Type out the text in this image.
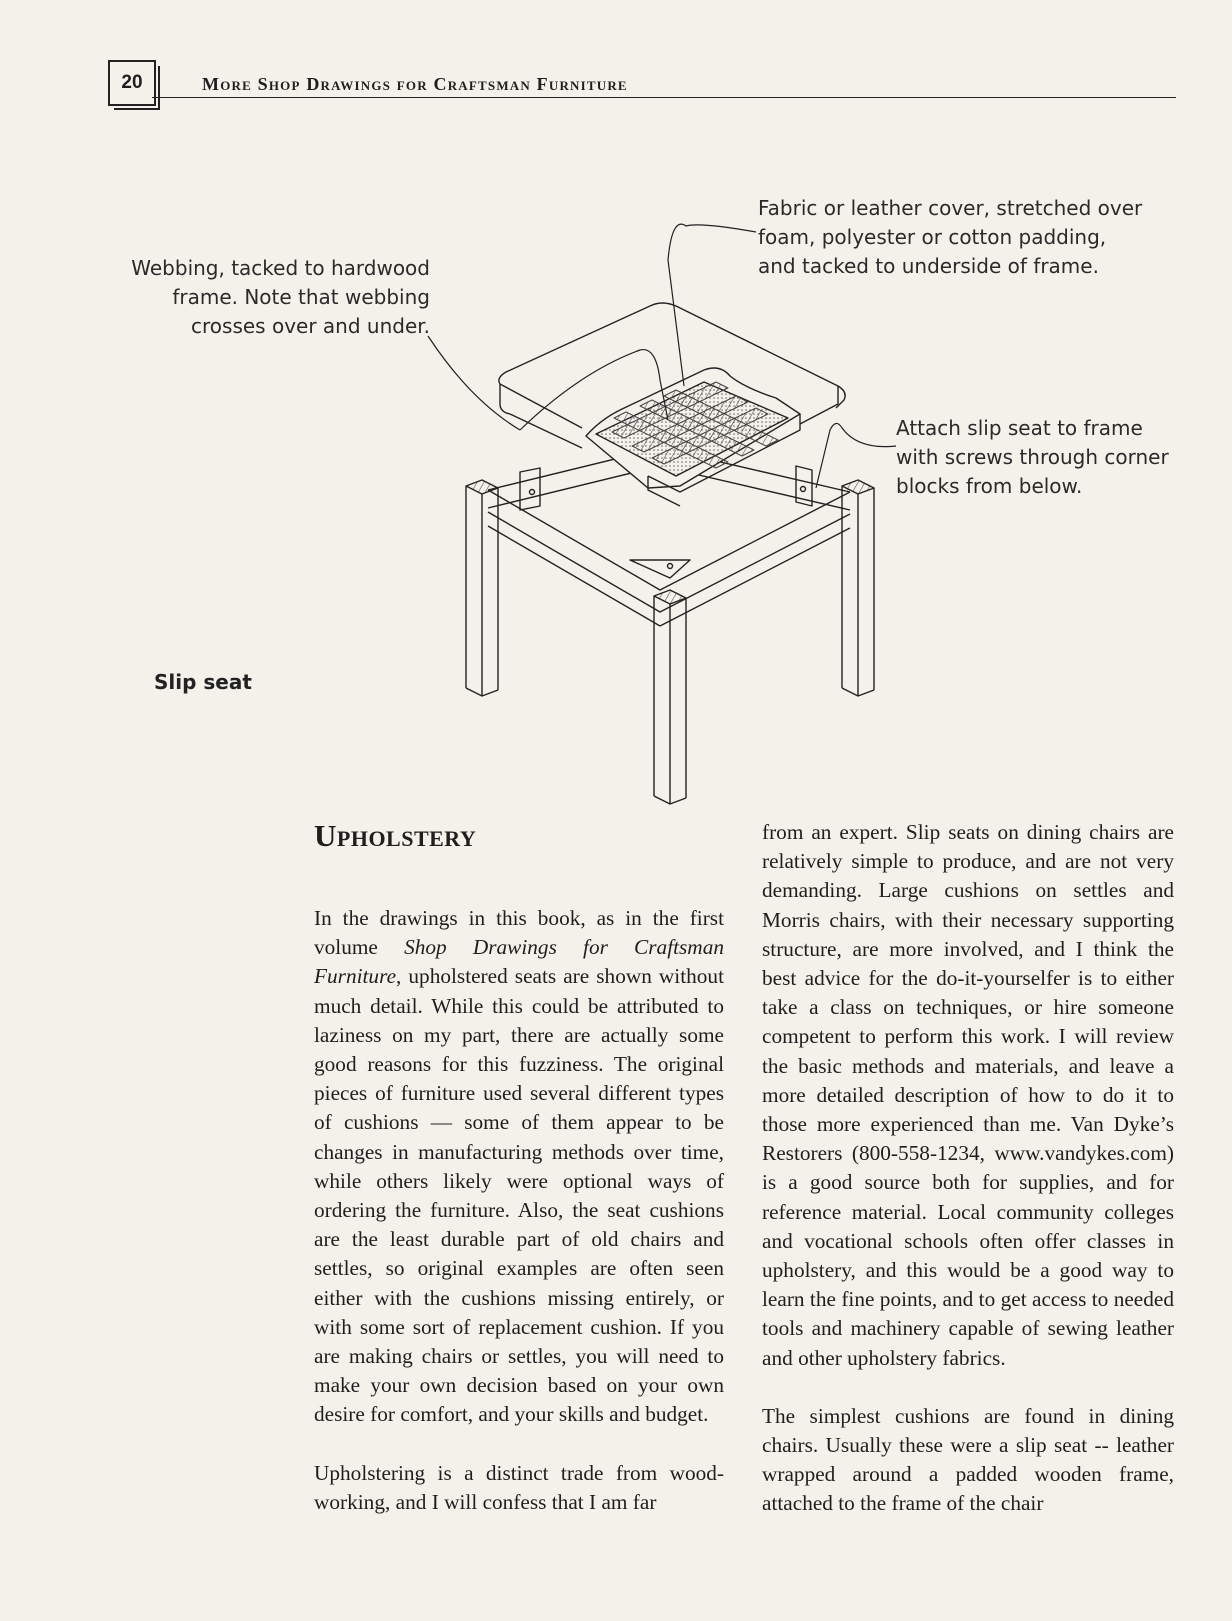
20	More Shop Drawings for Craftsman Furniture
Webbing, tacked to hardwood
frame. Note that webbing
crosses over and under.
Fabric or leather cover, stretched over
foam, polyester or cotton padding,
and tacked to underside of frame.
Attach slip seat to frame
with screws through corner
blocks from below.
Slip seat
Upholstery

In the drawings in this book, as in the first volume Shop Drawings for Craftsman Furniture, upholstered seats are shown without much detail. While this could be attributed to laziness on my part, there are actually some good reasons for this fuzziness. The original pieces of furniture used several different types of cushions — some of them appear to be changes in manufacturing methods over time, while others likely were optional ways of ordering the furniture. Also, the seat cushions are the least durable part of old chairs and settles, so original examples are often seen either with the cushions missing entirely, or with some sort of replacement cushion. If you are making chairs or settles, you will need to make your own decision based on your own desire for comfort, and your skills and budget.

Upholstering is a distinct trade from woodworking, and I will confess that I am far

from an expert. Slip seats on dining chairs are relatively simple to produce, and are not very demanding. Large cushions on settles and Morris chairs, with their necessary supporting structure, are more involved, and I think the best advice for the do-it-yourselfer is to either take a class on techniques, or hire someone competent to perform this work. I will review the basic methods and materials, and leave a more detailed description of how to do it to those more experienced than me. Van Dyke’s Restorers (800-558-1234, www.vandykes.com) is a good source both for supplies, and for reference material. Local community colleges and vocational schools often offer classes in upholstery, and this would be a good way to learn the fine points, and to get access to needed tools and machinery capable of sewing leather and other upholstery fabrics.

The simplest cushions are found in dining chairs. Usually these were a slip seat -- leather wrapped around a padded wooden frame, attached to the frame of the chair
